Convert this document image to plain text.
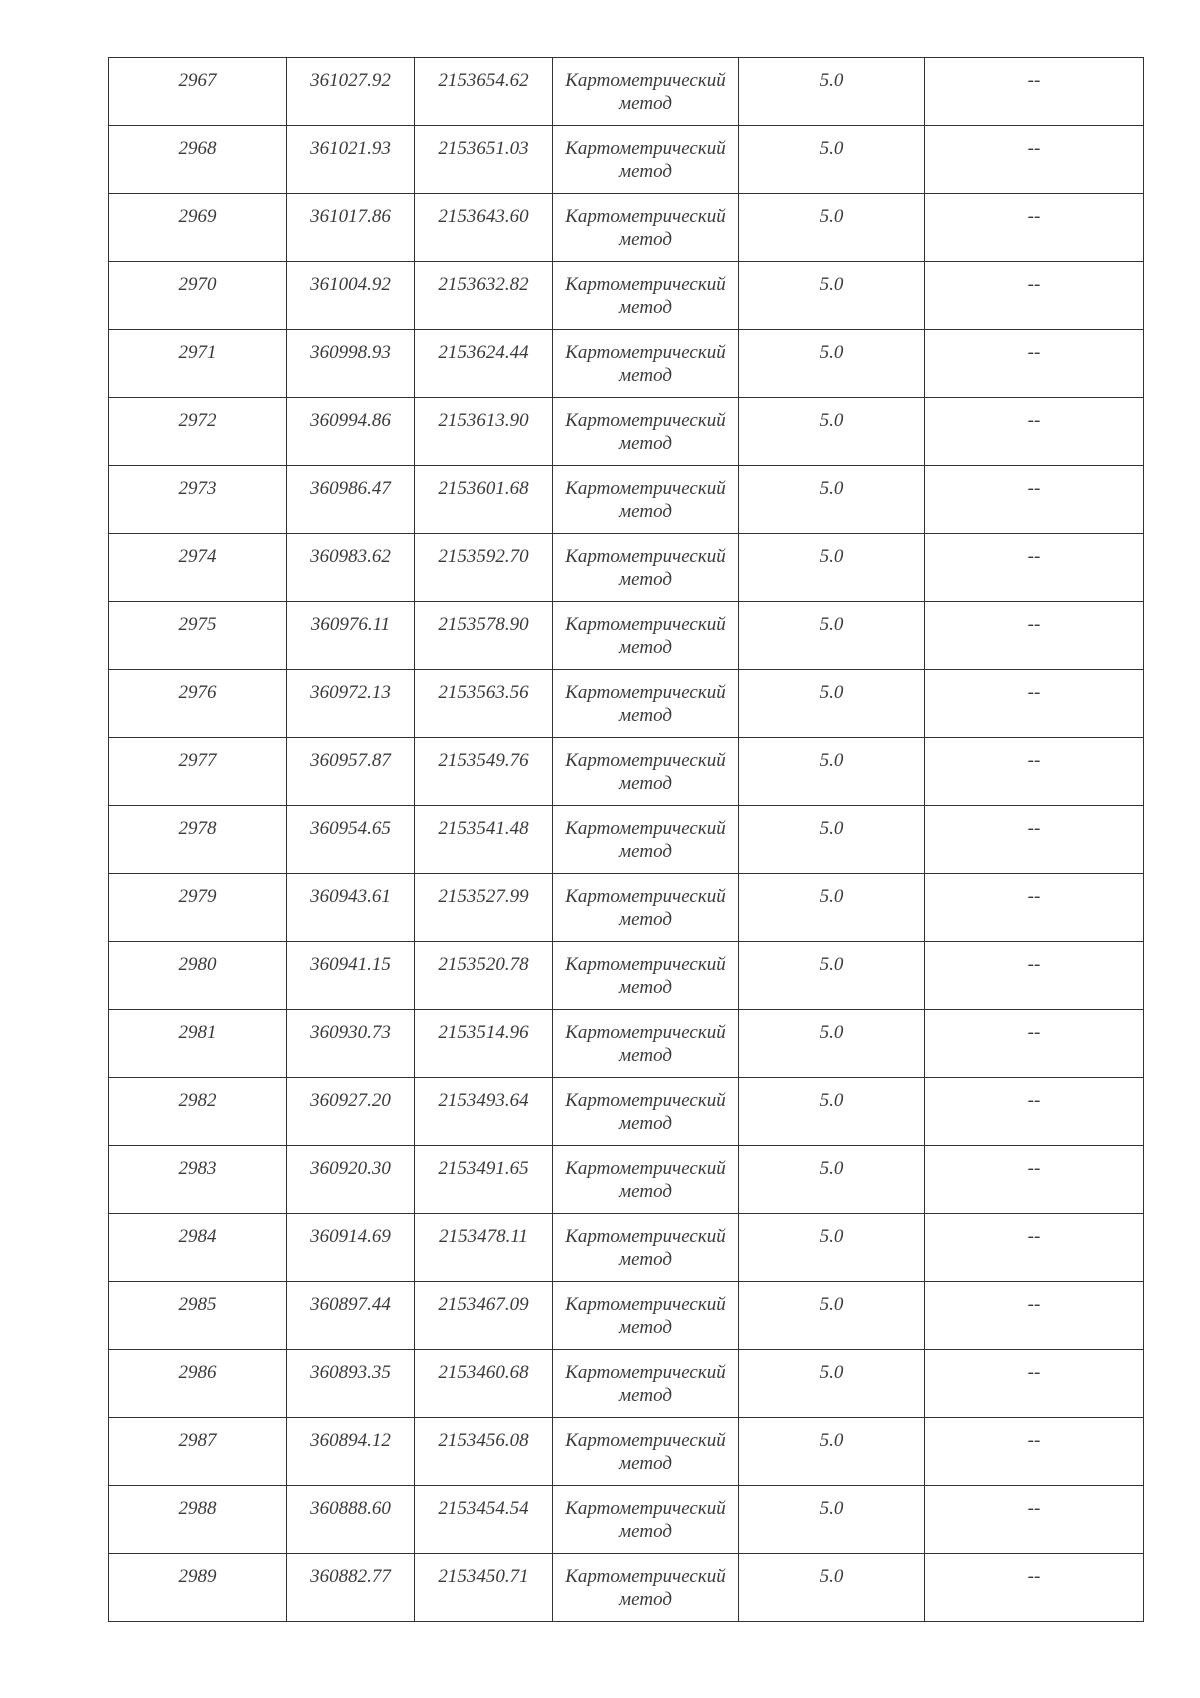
2967	361027.92	2153654.62	Картометрический
метод	5.0	--

2968	361021.93	2153651.03	Картометрический
метод	5.0	--

2969	361017.86	2153643.60	Картометрический
метод	5.0	--

2970	361004.92	2153632.82	Картометрический
метод	5.0	--

2971	360998.93	2153624.44	Картометрический
метод	5.0	--

2972	360994.86	2153613.90	Картометрический
метод	5.0	--

2973	360986.47	2153601.68	Картометрический
метод	5.0	--

2974	360983.62	2153592.70	Картометрический
метод	5.0	--

2975	360976.11	2153578.90	Картометрический
метод	5.0	--

2976	360972.13	2153563.56	Картометрический
метод	5.0	--

2977	360957.87	2153549.76	Картометрический
метод	5.0	--

2978	360954.65	2153541.48	Картометрический
метод	5.0	--

2979	360943.61	2153527.99	Картометрический
метод	5.0	--

2980	360941.15	2153520.78	Картометрический
метод	5.0	--

2981	360930.73	2153514.96	Картометрический
метод	5.0	--

2982	360927.20	2153493.64	Картометрический
метод	5.0	--

2983	360920.30	2153491.65	Картометрический
метод	5.0	--

2984	360914.69	2153478.11	Картометрический
метод	5.0	--

2985	360897.44	2153467.09	Картометрический
метод	5.0	--

2986	360893.35	2153460.68	Картометрический
метод	5.0	--

2987	360894.12	2153456.08	Картометрический
метод	5.0	--

2988	360888.60	2153454.54	Картометрический
метод	5.0	--

2989	360882.77	2153450.71	Картометрический
метод	5.0	--
